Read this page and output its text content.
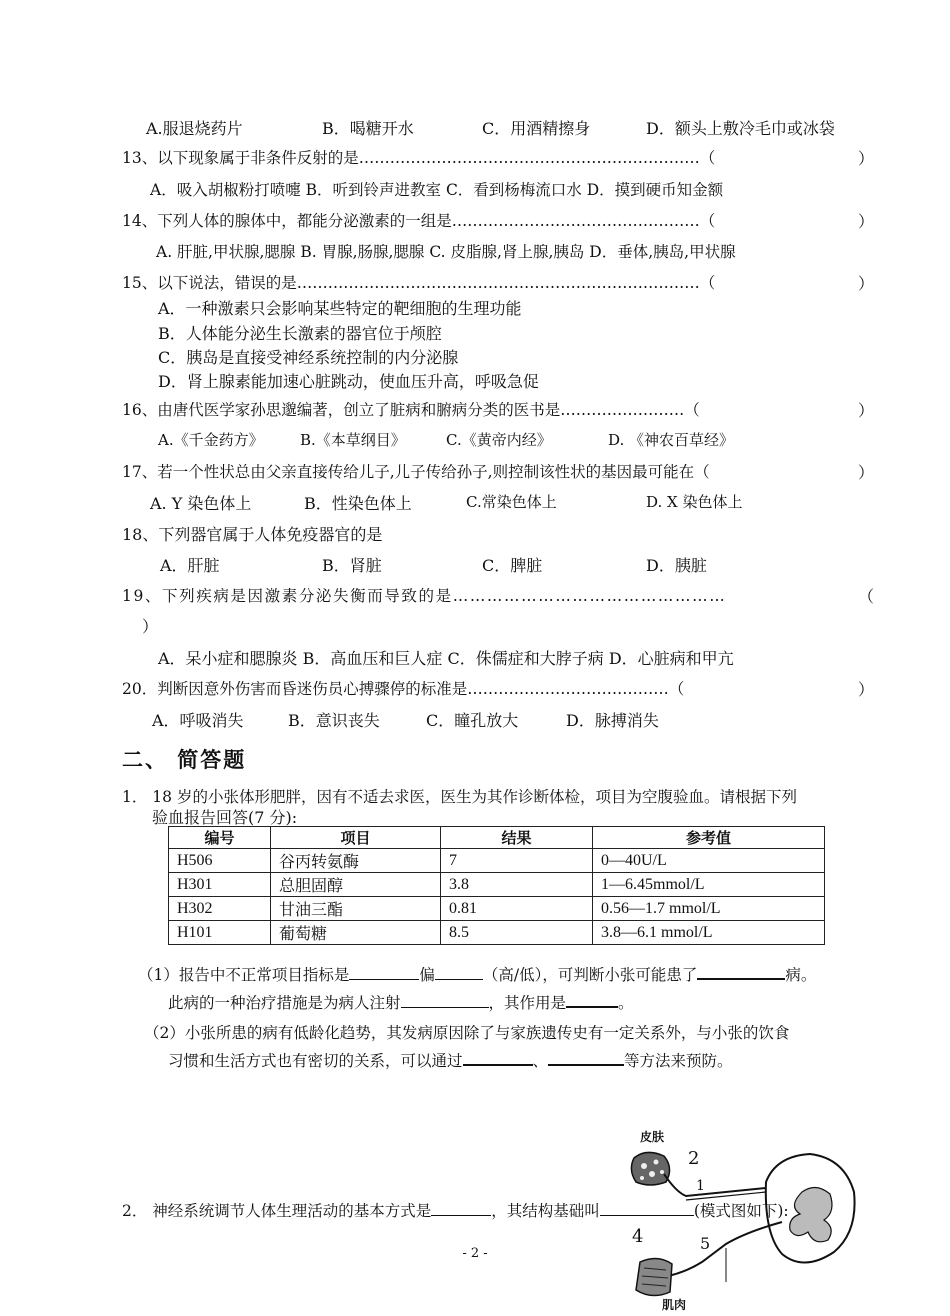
A.服退烧药片	B．喝糖开水	C．用酒精擦身	D．额头上敷冷毛巾或冰袋
13、以下现象属于非条件反射的是…………………………………………………………（	）
A．吸入胡椒粉打喷嚏 B．听到铃声进教室 C．看到杨梅流口水 D．摸到硬币知金额
14、下列人体的腺体中，都能分泌激素的一组是…………………………………………（	）
A. 肝脏,甲状腺,腮腺 B. 胃腺,肠腺,腮腺 C. 皮脂腺,肾上腺,胰岛 D．垂体,胰岛,甲状腺
15、以下说法，错误的是……………………………………………………………………（	）
A．一种激素只会影响某些特定的靶细胞的生理功能
B．人体能分泌生长激素的器官位于颅腔
C．胰岛是直接受神经系统控制的内分泌腺
D．肾上腺素能加速心脏跳动，使血压升高，呼吸急促
16、由唐代医学家孙思邈编著，创立了脏病和腑病分类的医书是……………………（	）
A.《千金药方》 B.《本草纲目》	C.《黄帝内经》	D. 《神农百草经》
17、若一个性状总由父亲直接传给儿子,儿子传给孙子,则控制该性状的基因最可能在（	）
A. Y 染色体上	B．性染色体上	C.常染色体上	D. X 染色体上
18、下列器官属于人体免疫器官的是
A．肝脏	B．肾脏	C．脾脏	D．胰脏
19、下列疾病是因激素分泌失衡而导致的是…………………………………………	（
）
A．呆小症和腮腺炎 B．高血压和巨人症 C．侏儒症和大脖子病 D．心脏病和甲亢
20．判断因意外伤害而昏迷伤员心搏骤停的标准是…………………………………（	）
A．呼吸消失	B．意识丧失	C．瞳孔放大	D．脉搏消失
二、 简答题
1． 18 岁的小张体形肥胖，因有不适去求医，医生为其作诊断体检，项目为空腹验血。请根据下列
验血报告回答(7 分):
编号	项目	结果	参考值
H506	谷丙转氨酶	7	0—40U/L
H301	总胆固醇	3.8	1—6.45mmol/L
H302	甘油三酯	0.81	0.56—1.7 mmol/L
H101	葡萄糖	8.5	3.8—6.1 mmol/L
（1）报告中不正常项目指标是	偏	（高/低），可判断小张可能患了	病。
此病的一种治疗措施是为病人注射	，其作用是	。
（2）小张所患的病有低龄化趋势，其发病原因除了与家族遗传史有一定关系外，与小张的饮食
习惯和生活方式也有密切的关系，可以通过	、	等方法来预防。
2． 神经系统调节人体生理活动的基本方式是	，其结构基础叫	(模式图如下):
皮肤
2
1
4	5
肌肉
- 2 -
